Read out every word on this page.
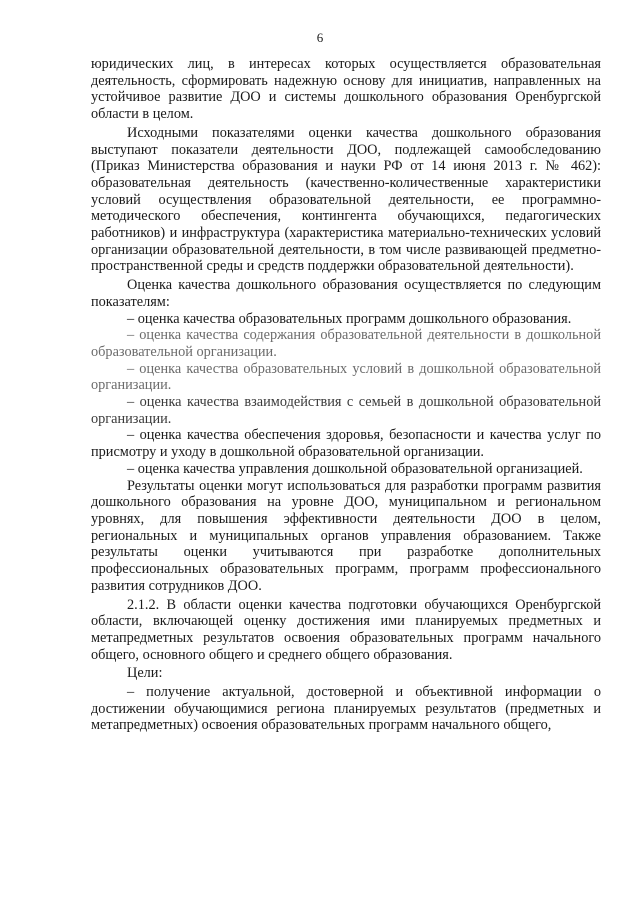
6

юридических лиц, в интересах которых осуществляется образовательная деятельность, сформировать надежную основу для инициатив, направленных на устойчивое развитие ДОО и системы дошкольного образования Оренбургской области в целом.

Исходными показателями оценки качества дошкольного образования выступают показатели деятельности ДОО, подлежащей самообследованию (Приказ Министерства образования и науки РФ от 14 июня 2013 г. № 462): образовательная деятельность (качественно-количественные характеристики условий осуществления образовательной деятельности, ее программно-методического обеспечения, контингента обучающихся, педагогических работников) и инфраструктура (характеристика материально-технических условий организации образовательной деятельности, в том числе развивающей предметно-пространственной среды и средств поддержки образовательной деятельности).

Оценка качества дошкольного образования осуществляется по следующим показателям:

– оценка качества образовательных программ дошкольного образования.

– оценка качества содержания образовательной деятельности в дошкольной образовательной организации.

– оценка качества образовательных условий в дошкольной образовательной организации.

– оценка качества взаимодействия с семьей в дошкольной образовательной организации.

– оценка качества обеспечения здоровья, безопасности и качества услуг по присмотру и уходу в дошкольной образовательной организации.

– оценка качества управления дошкольной образовательной организацией.

Результаты оценки могут использоваться для разработки программ развития дошкольного образования на уровне ДОО, муниципальном и региональном уровнях, для повышения эффективности деятельности ДОО в целом, региональных и муниципальных органов управления образованием. Также результаты оценки учитываются при разработке дополнительных профессиональных образовательных программ, программ профессионального развития сотрудников ДОО.

2.1.2. В области оценки качества подготовки обучающихся Оренбургской области, включающей оценку достижения ими планируемых предметных и метапредметных результатов освоения образовательных программ начального общего, основного общего и среднего общего образования.

Цели:

– получение актуальной, достоверной и объективной информации о достижении обучающимися региона планируемых результатов (предметных и метапредметных) освоения образовательных программ начального общего,
